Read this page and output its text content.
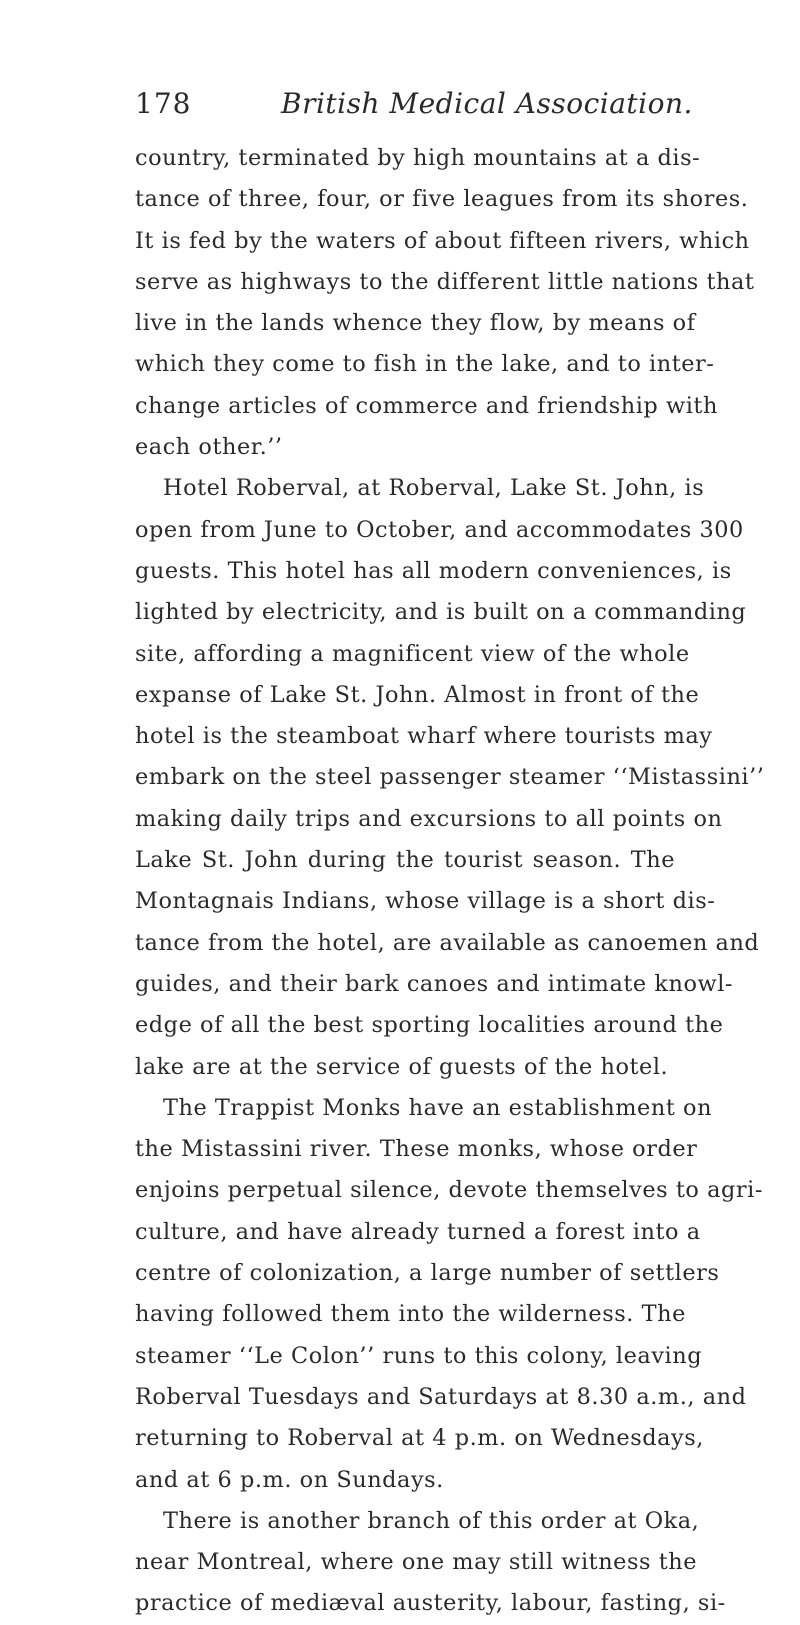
178	British Medical Association.
country, terminated by high mountains at a dis-
tance of three, four, or five leagues from its shores.
It is fed by the waters of about fifteen rivers, which
serve as highways to the different little nations that
live in the lands whence they flow, by means of
which they come to fish in the lake, and to inter-
change articles of commerce and friendship with
each other.’’
Hotel Roberval, at Roberval, Lake St. John, is
open from June to October, and accommodates 300
guests. This hotel has all modern conveniences, is
lighted by electricity, and is built on a commanding
site, affording a magnificent view of the whole
expanse of Lake St. John. Almost in front of the
hotel is the steamboat wharf where tourists may
embark on the steel passenger steamer ‘‘Mistassini’’
making daily trips and excursions to all points on
Lake St. John during the tourist season. The
Montagnais Indians, whose village is a short dis-
tance from the hotel, are available as canoemen and
guides, and their bark canoes and intimate knowl-
edge of all the best sporting localities around the
lake are at the service of guests of the hotel.
The Trappist Monks have an establishment on
the Mistassini river. These monks, whose order
enjoins perpetual silence, devote themselves to agri-
culture, and have already turned a forest into a
centre of colonization, a large number of settlers
having followed them into the wilderness. The
steamer ‘‘Le Colon’’ runs to this colony, leaving
Roberval Tuesdays and Saturdays at 8.30 a.m., and
returning to Roberval at 4 p.m. on Wednesdays,
and at 6 p.m. on Sundays.
There is another branch of this order at Oka,
near Montreal, where one may still witness the
practice of mediæval austerity, labour, fasting, si-
